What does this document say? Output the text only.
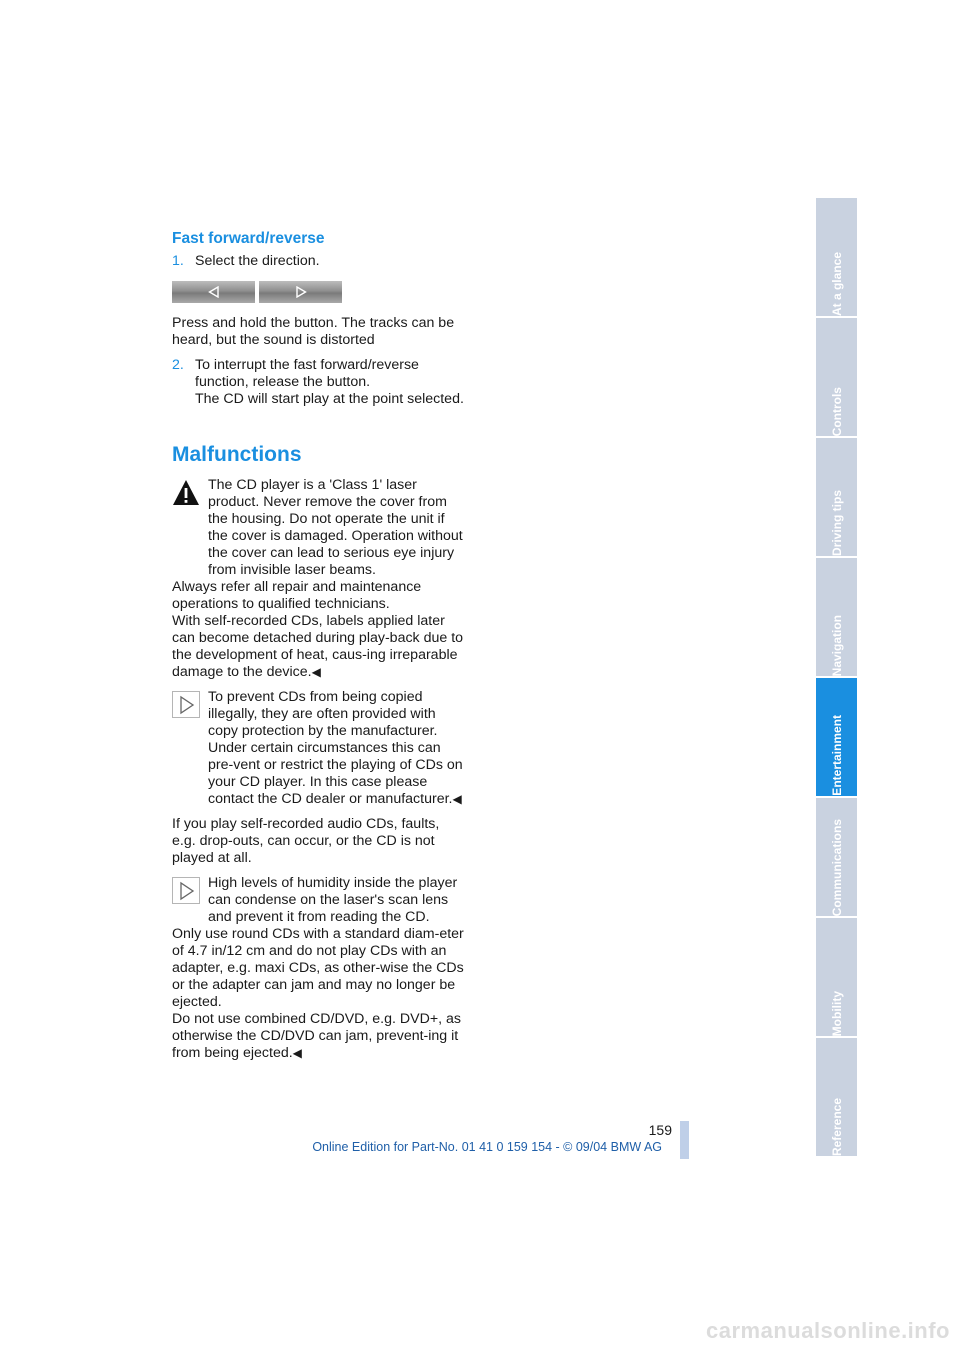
Fast forward/reverse
1. Select the direction.
Press and hold the button. The tracks can be heard, but the sound is distorted
2. To interrupt the fast forward/reverse function, release the button.
The CD will start play at the point selected.
Malfunctions
The CD player is a 'Class 1' laser product. Never remove the cover from the housing. Do not operate the unit if the cover is damaged. Operation without the cover can lead to serious eye injury from invisible laser beams.
Always refer all repair and maintenance operations to qualified technicians.
With self-recorded CDs, labels applied later can become detached during play-back due to the development of heat, caus-ing irreparable damage to the device.◀
To prevent CDs from being copied illegally, they are often provided with copy protection by the manufacturer. Under certain circumstances this can pre-vent or restrict the playing of CDs on your CD player. In this case please contact the CD dealer or manufacturer.◀
If you play self-recorded audio CDs, faults, e.g. drop-outs, can occur, or the CD is not played at all.
High levels of humidity inside the player can condense on the laser's scan lens and prevent it from reading the CD.
Only use round CDs with a standard diam-eter of 4.7 in/12 cm and do not play CDs with an adapter, e.g. maxi CDs, as other-wise the CDs or the adapter can jam and may no longer be ejected.
Do not use combined CD/DVD, e.g. DVD+, as otherwise the CD/DVD can jam, prevent-ing it from being ejected.◀
At a glance
Controls
Driving tips
Navigation
Entertainment
Communications
Mobility
Reference
159
Online Edition for Part-No. 01 41 0 159 154 - © 09/04 BMW AG
carmanualsonline.info
